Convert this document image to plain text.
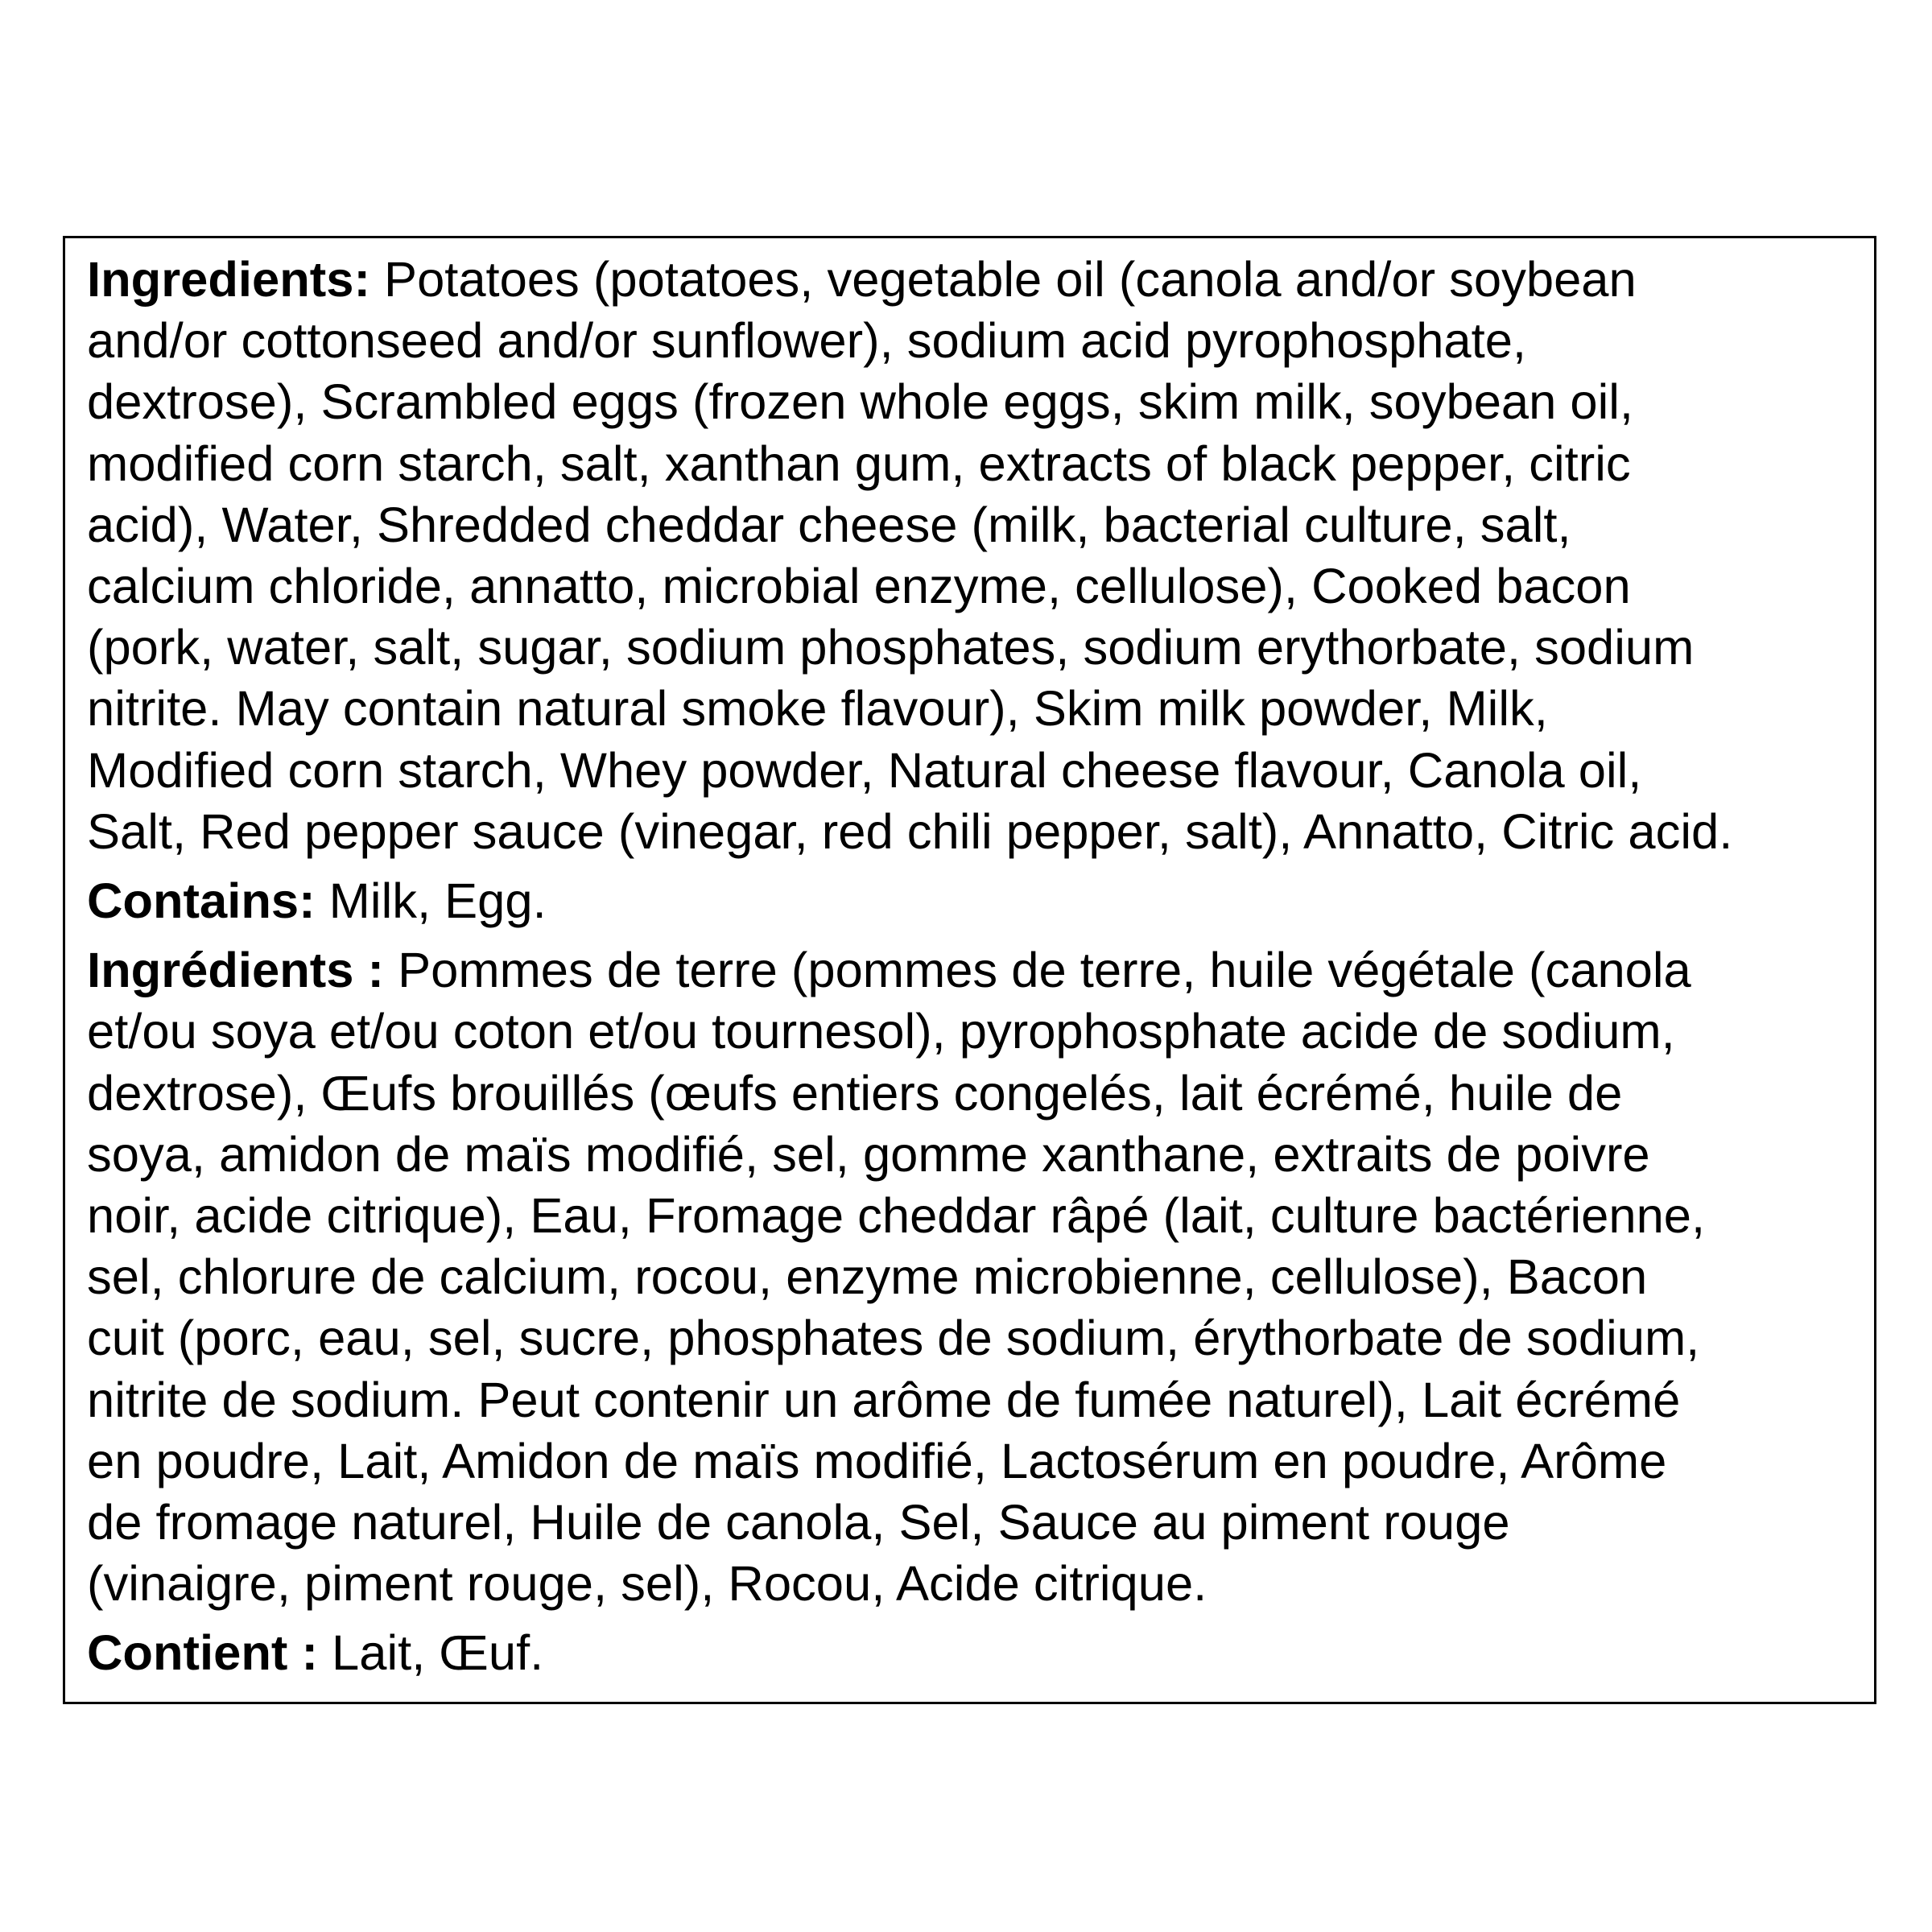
Ingredients: Potatoes (potatoes, vegetable oil (canola and/or soybean
and/or cottonseed and/or sunflower), sodium acid pyrophosphate,
dextrose), Scrambled eggs (frozen whole eggs, skim milk, soybean oil,
modified corn starch, salt, xanthan gum, extracts of black pepper, citric
acid), Water, Shredded cheddar cheese (milk, bacterial culture, salt,
calcium chloride, annatto, microbial enzyme, cellulose), Cooked bacon
(pork, water, salt, sugar, sodium phosphates, sodium erythorbate, sodium
nitrite. May contain natural smoke flavour), Skim milk powder, Milk,
Modified corn starch, Whey powder, Natural cheese flavour, Canola oil,
Salt, Red pepper sauce (vinegar, red chili pepper, salt), Annatto, Citric acid.

Contains: Milk, Egg.

Ingrédients : Pommes de terre (pommes de terre, huile végétale (canola
et/ou soya et/ou coton et/ou tournesol), pyrophosphate acide de sodium,
dextrose), Œufs brouillés (œufs entiers congelés, lait écrémé, huile de
soya, amidon de maïs modifié, sel, gomme xanthane, extraits de poivre
noir, acide citrique), Eau, Fromage cheddar râpé (lait, culture bactérienne,
sel, chlorure de calcium, rocou, enzyme microbienne, cellulose), Bacon
cuit (porc, eau, sel, sucre, phosphates de sodium, érythorbate de sodium,
nitrite de sodium. Peut contenir un arôme de fumée naturel), Lait écrémé
en poudre, Lait, Amidon de maïs modifié, Lactosérum en poudre, Arôme
de fromage naturel, Huile de canola, Sel, Sauce au piment rouge
(vinaigre, piment rouge, sel), Rocou, Acide citrique.

Contient : Lait, Œuf.
